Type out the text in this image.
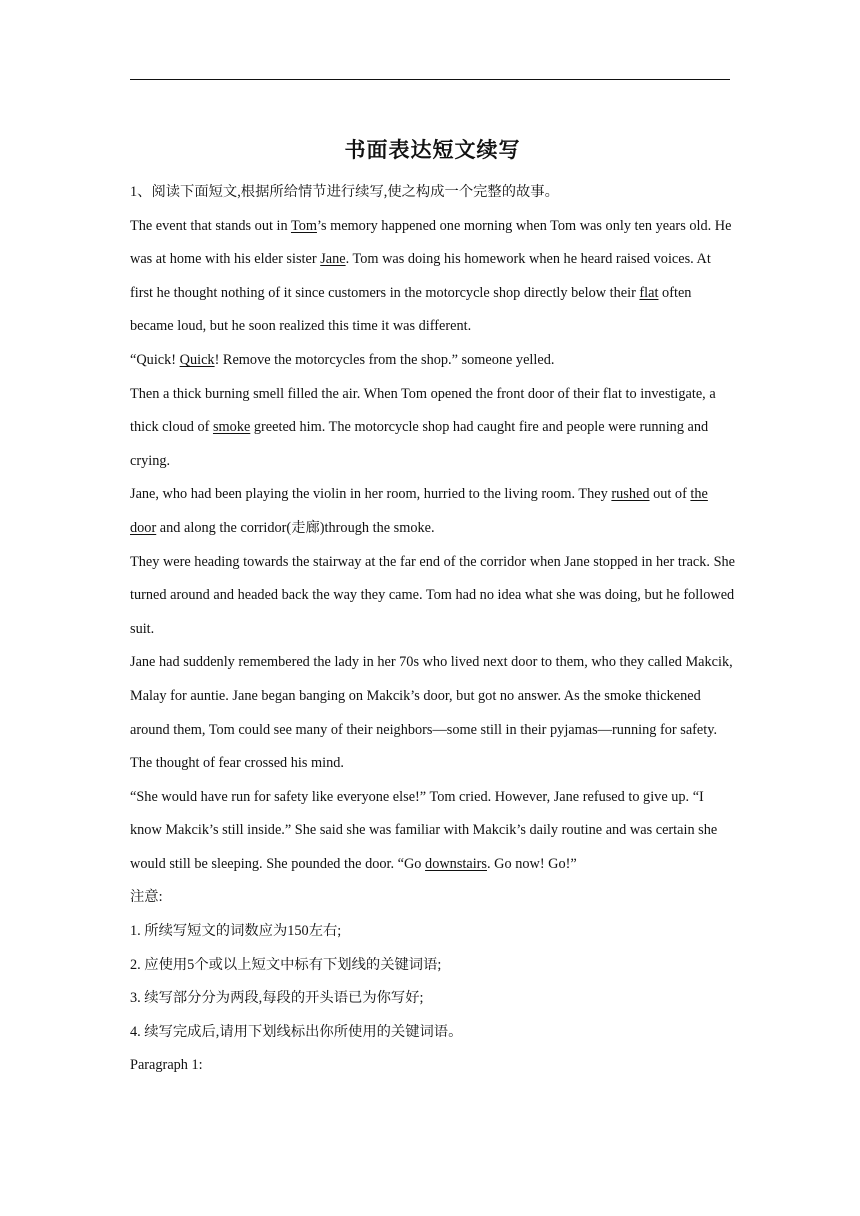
书面表达短文续写

1、阅读下面短文,根据所给情节进行续写,使之构成一个完整的故事。

The event that stands out in Tom’s memory happened one morning when Tom was only ten years old. He was at home with his elder sister Jane. Tom was doing his homework when he heard raised voices. At first he thought nothing of it since customers in the motorcycle shop directly below their flat often became loud, but he soon realized this time it was different.

“Quick! Quick! Remove the motorcycles from the shop.” someone yelled.

Then a thick burning smell filled the air. When Tom opened the front door of their flat to investigate, a thick cloud of smoke greeted him. The motorcycle shop had caught fire and people were running and crying.

Jane, who had been playing the violin in her room, hurried to the living room. They rushed out of the door and along the corridor(走廊)through the smoke.

They were heading towards the stairway at the far end of the corridor when Jane stopped in her track. She turned around and headed back the way they came. Tom had no idea what she was doing, but he followed suit.

Jane had suddenly remembered the lady in her 70s who lived next door to them, who they called Makcik, Malay for auntie. Jane began banging on Makcik’s door, but got no answer. As the smoke thickened around them, Tom could see many of their neighbors—some still in their pyjamas—running for safety. The thought of fear crossed his mind.

“She would have run for safety like everyone else!” Tom cried. However, Jane refused to give up. “I know Makcik’s still inside.” She said she was familiar with Makcik’s daily routine and was certain she would still be sleeping. She pounded the door. “Go downstairs. Go now! Go!”

注意:

1. 所续写短文的词数应为150左右;

2. 应使用5个或以上短文中标有下划线的关键词语;

3. 续写部分分为两段,每段的开头语已为你写好;

4. 续写完成后,请用下划线标出你所使用的关键词语。

Paragraph 1:
